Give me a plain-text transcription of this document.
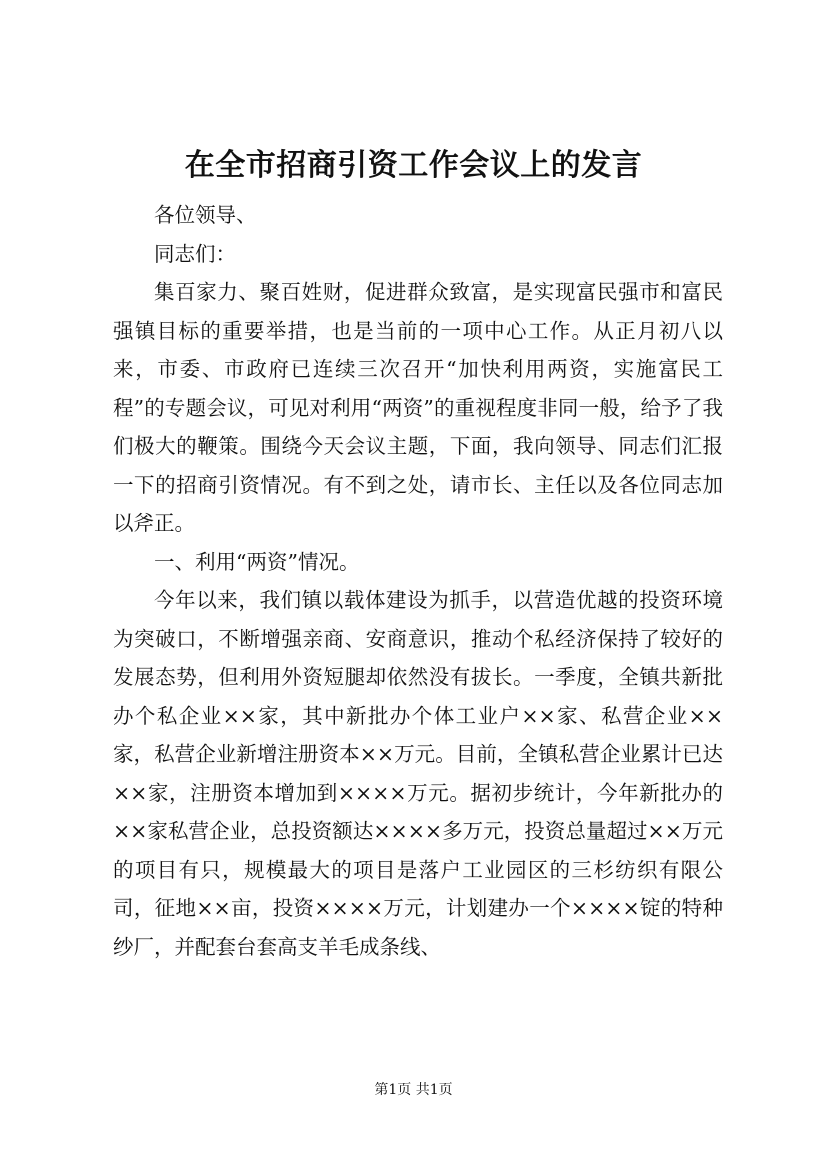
在全市招商引资工作会议上的发言

各位领导、

同志们：

集百家力、聚百姓财，促进群众致富，是实现富民强市和富民强镇目标的重要举措，也是当前的一项中心工作。从正月初八以来，市委、市政府已连续三次召开“加快利用两资，实施富民工程”的专题会议，可见对利用“两资”的重视程度非同一般，给予了我们极大的鞭策。围绕今天会议主题，下面，我向领导、同志们汇报一下的招商引资情况。有不到之处，请市长、主任以及各位同志加以斧正。

一、利用“两资”情况。

今年以来，我们镇以载体建设为抓手，以营造优越的投资环境为突破口，不断增强亲商、安商意识，推动个私经济保持了较好的发展态势，但利用外资短腿却依然没有拔长。一季度，全镇共新批办个私企业××家，其中新批办个体工业户××家、私营企业××家，私营企业新增注册资本××万元。目前，全镇私营企业累计已达××家，注册资本增加到××××万元。据初步统计，今年新批办的××家私营企业，总投资额达××××多万元，投资总量超过××万元的项目有只，规模最大的项目是落户工业园区的三杉纺织有限公司，征地××亩，投资××××万元，计划建办一个××××锭的特种纱厂，并配套台套高支羊毛成条线、

第1页 共1页
